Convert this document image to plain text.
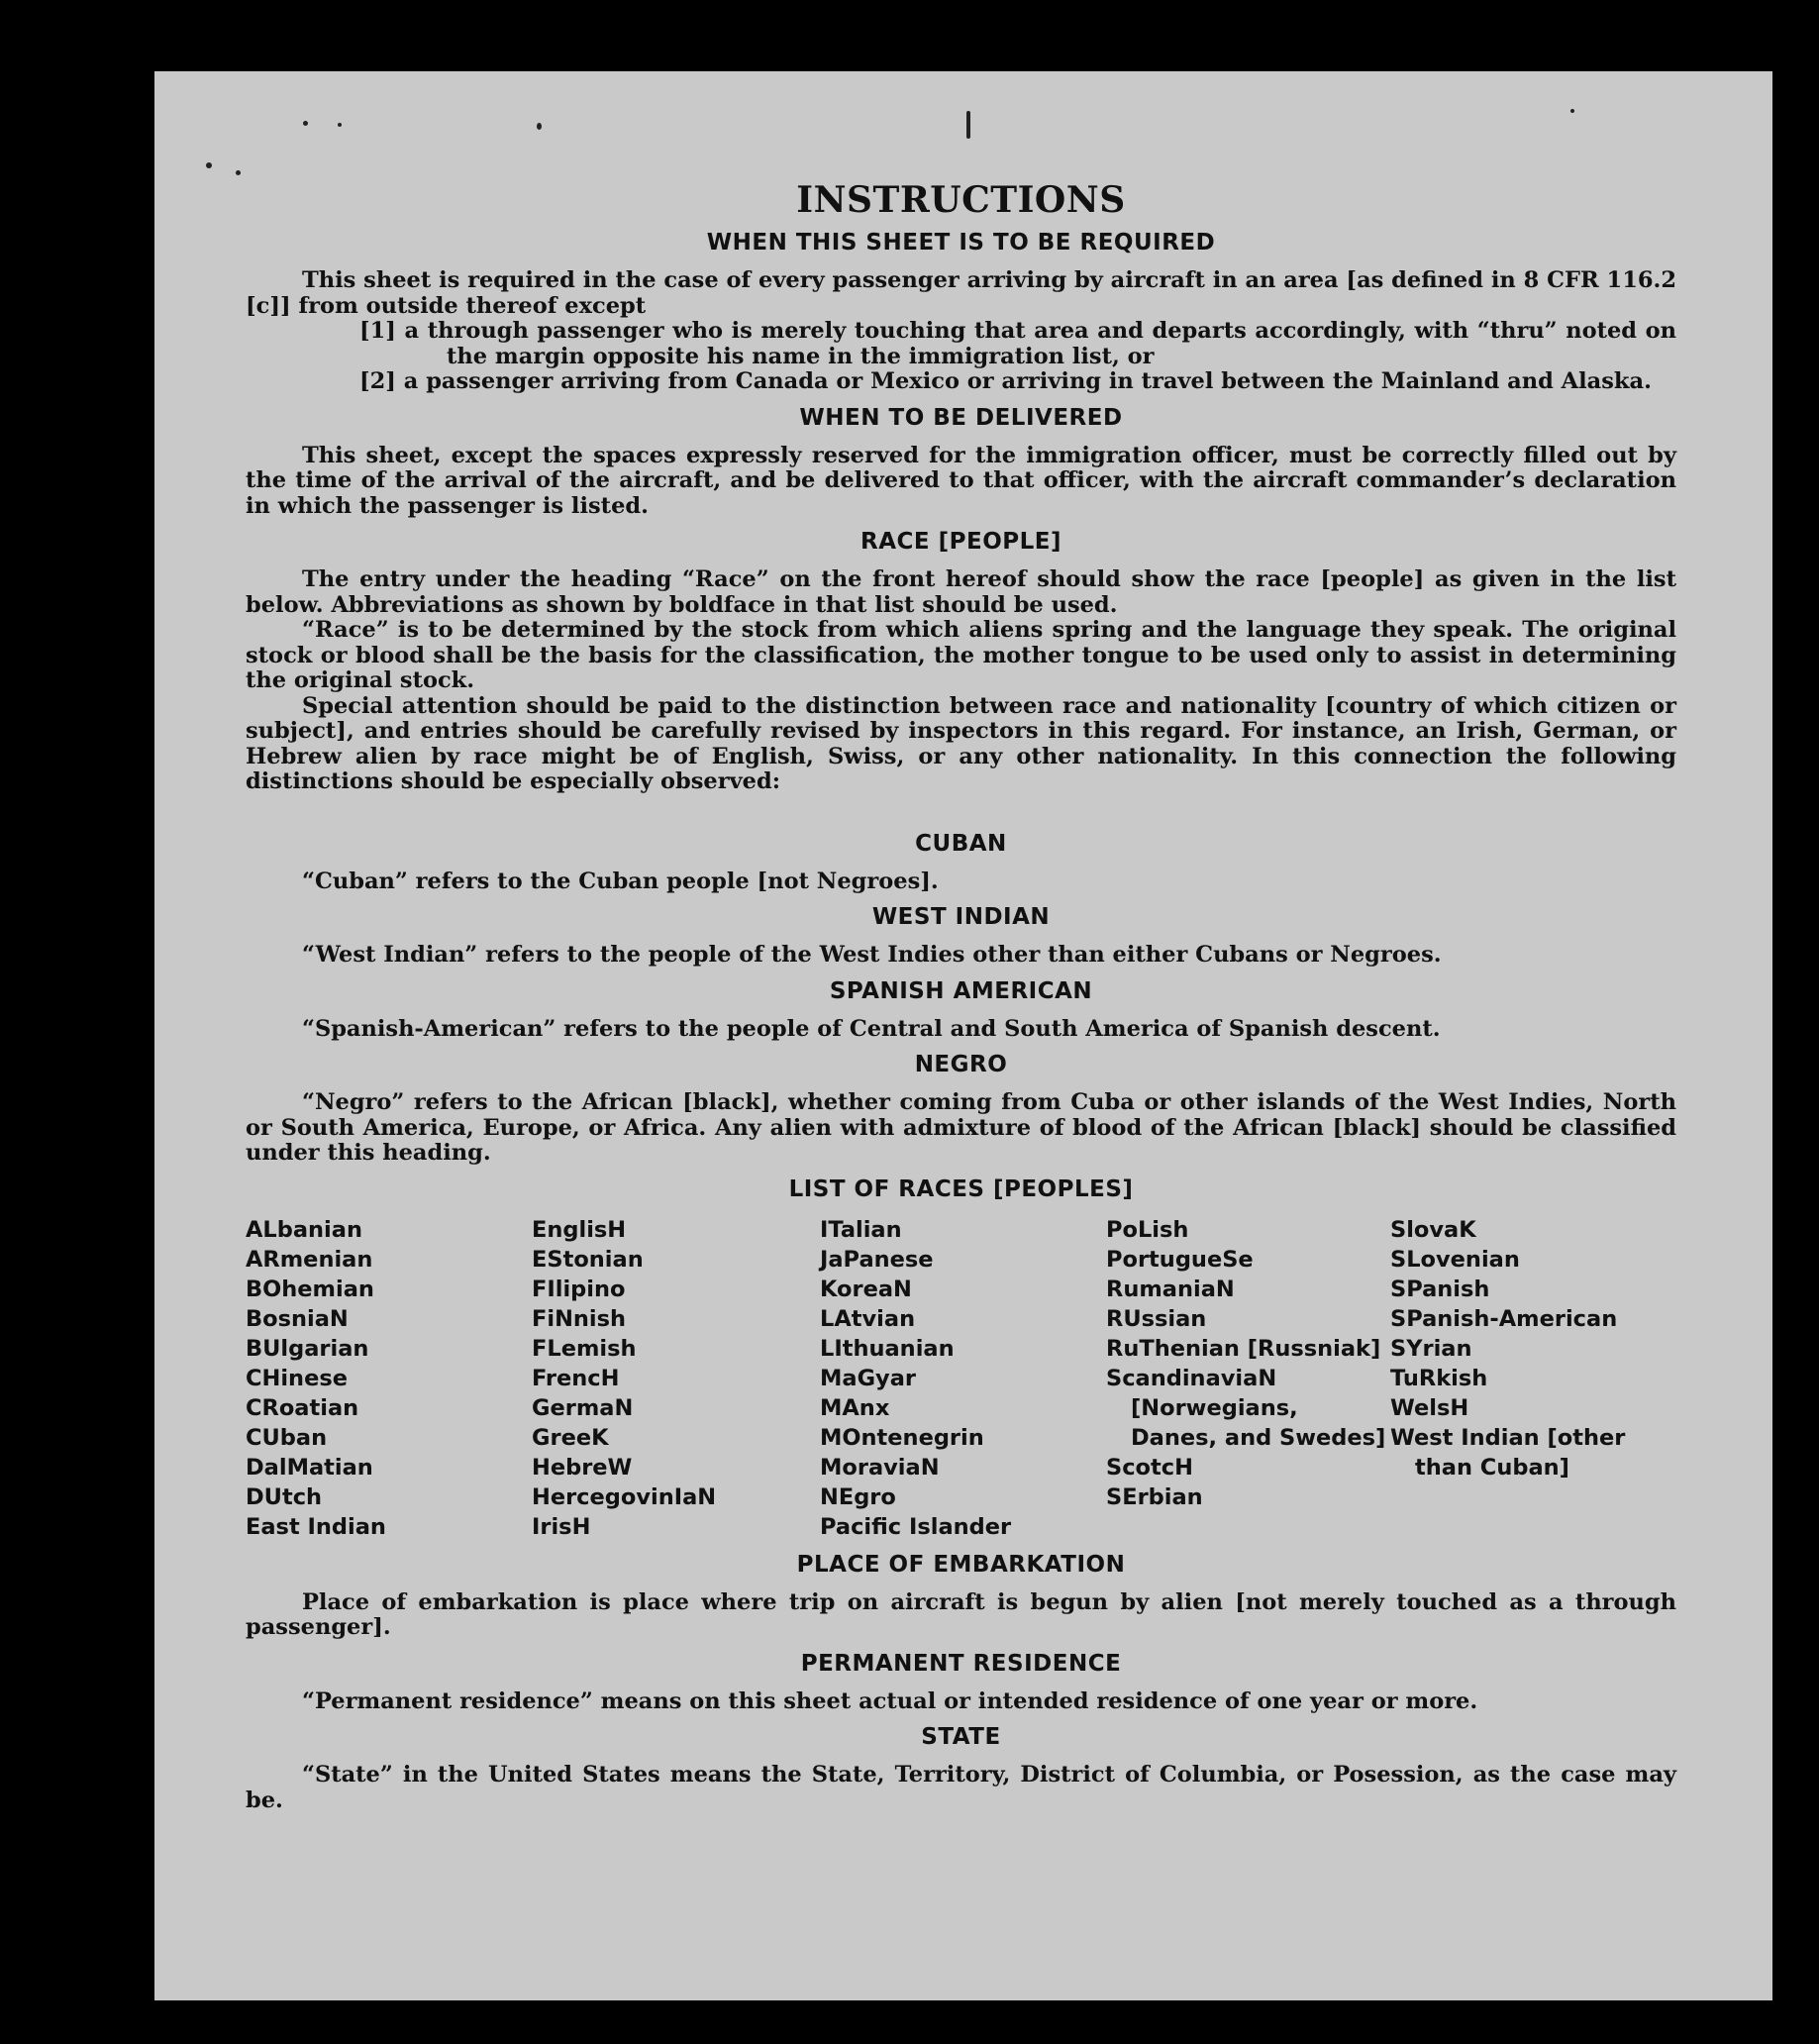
INSTRUCTIONS
WHEN THIS SHEET IS TO BE REQUIRED

This sheet is required in the case of every passenger arriving by aircraft in an area [as defined in 8 CFR 116.2 [c]] from outside thereof except

[1] a through passenger who is merely touching that area and departs accordingly, with “thru” noted on the margin opposite his name in the immigration list, or

[2] a passenger arriving from Canada or Mexico or arriving in travel between the Mainland and Alaska.

WHEN TO BE DELIVERED

This sheet, except the spaces expressly reserved for the immigration officer, must be correctly filled out by the time of the arrival of the aircraft, and be delivered to that officer, with the aircraft commander’s declaration in which the passenger is listed.

RACE [PEOPLE]

The entry under the heading “Race” on the front hereof should show the race [people] as given in the list below. Abbreviations as shown by boldface in that list should be used.

“Race” is to be determined by the stock from which aliens spring and the language they speak. The original stock or blood shall be the basis for the classification, the mother tongue to be used only to assist in determining the original stock.

Special attention should be paid to the distinction between race and nationality [country of which citizen or subject], and entries should be carefully revised by inspectors in this regard. For instance, an Irish, German, or Hebrew alien by race might be of English, Swiss, or any other nationality. In this connection the following distinctions should be especially observed:

CUBAN

“Cuban” refers to the Cuban people [not Negroes].

WEST INDIAN

“West Indian” refers to the people of the West Indies other than either Cubans or Negroes.

SPANISH AMERICAN

“Spanish-American” refers to the people of Central and South America of Spanish descent.

NEGRO

“Negro” refers to the African [black], whether coming from Cuba or other islands of the West Indies, North or South America, Europe, or Africa. Any alien with admixture of blood of the African [black] should be classified under this heading.

LIST OF RACES [PEOPLES]
ALbanian
ARmenian
BOhemian
BosniaN
BUlgarian
CHinese
CRoatian
CUban
DalMatian
DUtch
East Indian
EnglisH
EStonian
FIlipino
FiNnish
FLemish
FrencH
GermaN
GreeK
HebreW
HercegovinIaN
IrisH
ITalian
JaPanese
KoreaN
LAtvian
LIthuanian
MaGyar
MAnx
MOntenegrin
MoraviaN
NEgro
Pacific Islander
PoLish
PortugueSe
RumaniaN
RUssian
RuThenian [Russniak]
ScandinaviaN [Norwegians, Danes, and Swedes]
ScotcH
SErbian
SlovaK
SLovenian
SPanish
SPanish-American
SYrian
TuRkish
WelsH
West Indian [other than Cuban]
PLACE OF EMBARKATION

Place of embarkation is place where trip on aircraft is begun by alien [not merely touched as a through passenger].

PERMANENT RESIDENCE

“Permanent residence” means on this sheet actual or intended residence of one year or more.

STATE

“State” in the United States means the State, Territory, District of Columbia, or Posession, as the case may be.
